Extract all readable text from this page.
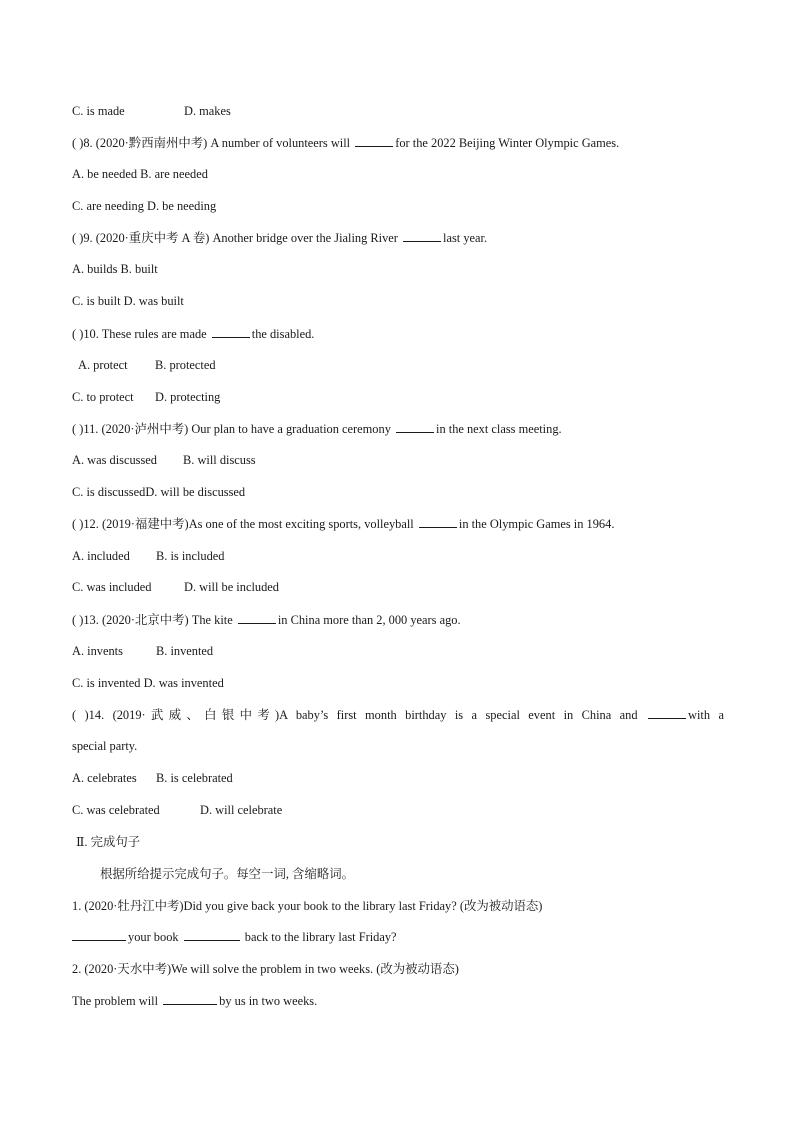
C. is made	D. makes
( )8. (2020·黔西南州中考) A number of volunteers will	for the 2022 Beijing Winter Olympic Games.
A. be needed B. are needed
C. are needing D. be needing
( )9. (2020·重庆中考 A 卷) Another bridge over the Jialing River	last year.
A. builds B. built
C. is built D. was built
( )10. These rules are made	the disabled.
A. protect B. protected
C. to protect D. protecting
( )11. (2020·泸州中考) Our plan to have a graduation ceremony	in the next class meeting.
A. was discussed B. will discuss
C. is discussedD. will be discussed
( )12. (2019·福建中考)As one of the most exciting sports, volleyball	in the Olympic Games in 1964.
A. included B. is included
C. was included	D. will be included
( )13. (2020·北京中考) The kite	in China more than 2, 000 years ago.
A. invents	B. invented
C. is invented D. was invented
( )14. (2019·武威、白银中考)A baby’s first month birthday is a special event in China and	with a
special party.
A. celebrates B. is celebrated
C. was celebrated	D. will celebrate
Ⅱ. 完成句子
根据所给提示完成句子。每空一词, 含缩略词。
1. (2020·牡丹江中考)Did you give back your book to the library last Friday? (改为被动语态)
your book	back to the library last Friday?
2. (2020·天水中考)We will solve the problem in two weeks. (改为被动语态)
The problem will	by us in two weeks.
